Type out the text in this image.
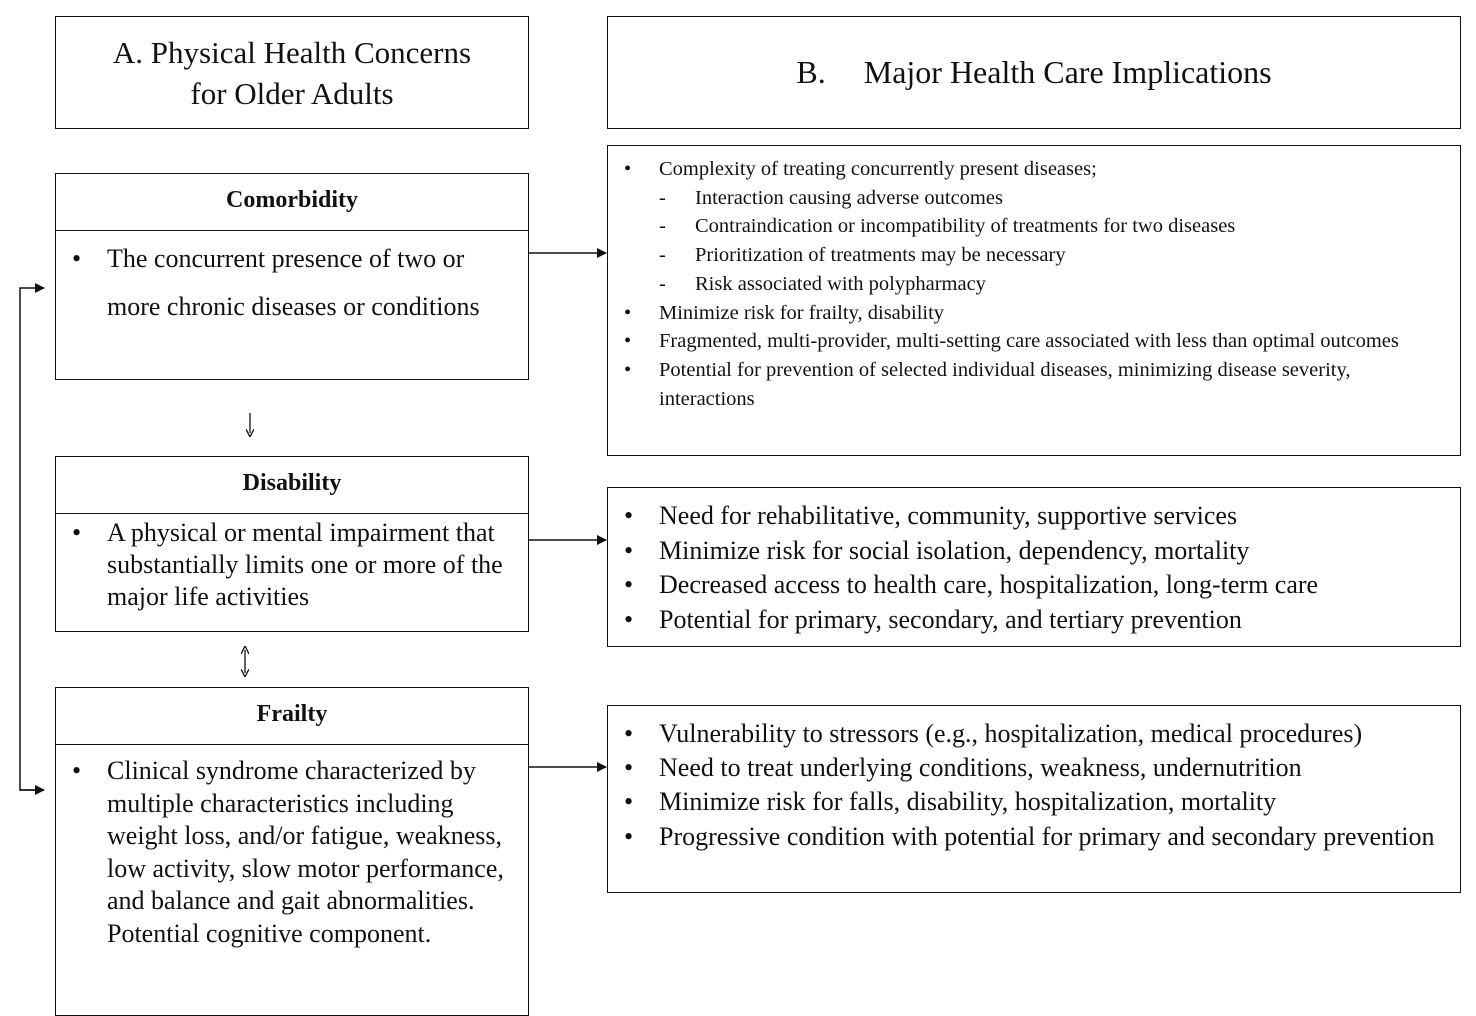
A. Physical Health Concerns
for Older Adults
B. Major Health Care Implications
Comorbidity
• The concurrent presence of two or more chronic diseases or conditions
Disability
• A physical or mental impairment that substantially limits one or more of the major life activities
Frailty
• Clinical syndrome characterized by multiple characteristics including weight loss, and/or fatigue, weakness, low activity, slow motor performance, and balance and gait abnormalities. Potential cognitive component.
• Complexity of treating concurrently present diseases;
- Interaction causing adverse outcomes
- Contraindication or incompatibility of treatments for two diseases
- Prioritization of treatments may be necessary
- Risk associated with polypharmacy
• Minimize risk for frailty, disability
• Fragmented, multi-provider, multi-setting care associated with less than optimal outcomes
• Potential for prevention of selected individual diseases, minimizing disease severity, interactions
• Need for rehabilitative, community, supportive services
• Minimize risk for social isolation, dependency, mortality
• Decreased access to health care, hospitalization, long-term care
• Potential for primary, secondary, and tertiary prevention
• Vulnerability to stressors (e.g., hospitalization, medical procedures)
• Need to treat underlying conditions, weakness, undernutrition
• Minimize risk for falls, disability, hospitalization, mortality
• Progressive condition with potential for primary and secondary prevention
